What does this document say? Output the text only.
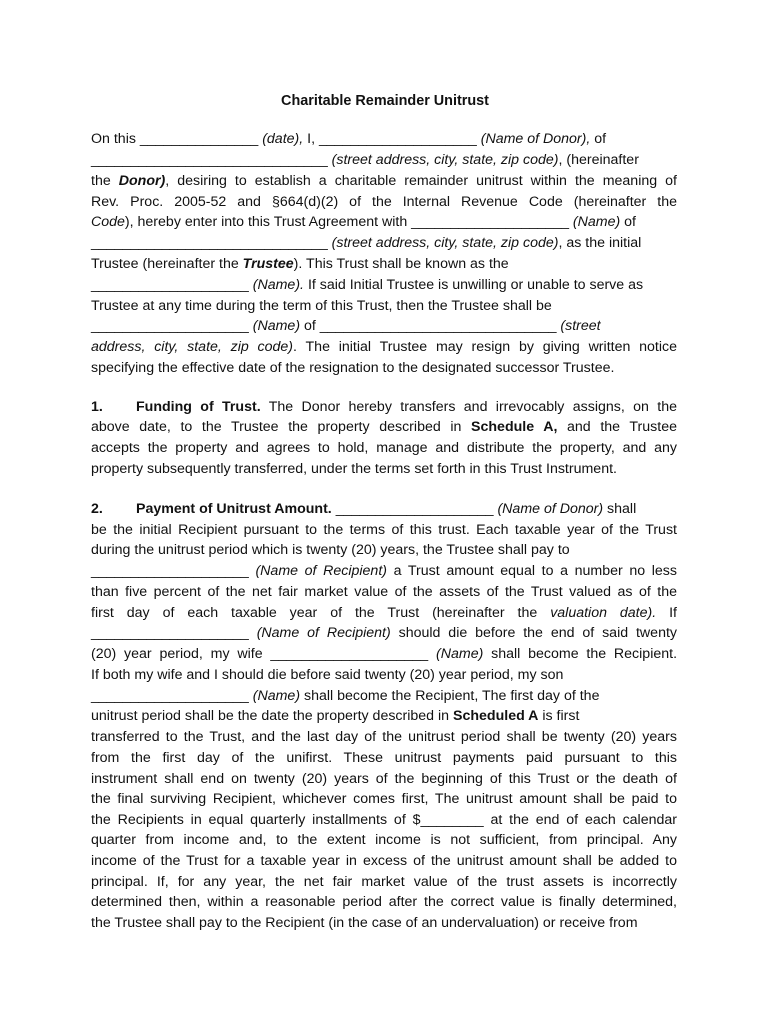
Charitable Remainder Unitrust
On this _______________ (date), I, ____________________ (Name of Donor), of
______________________________ (street address, city, state, zip code), (hereinafter
the Donor), desiring to establish a charitable remainder unitrust within the meaning of
Rev. Proc. 2005-52 and §664(d)(2) of the Internal Revenue Code (hereinafter the
Code), hereby enter into this Trust Agreement with ____________________ (Name) of
______________________________ (street address, city, state, zip code), as the initial
Trustee (hereinafter the Trustee). This Trust shall be known as the
____________________ (Name). If said Initial Trustee is unwilling or unable to serve as
Trustee at any time during the term of this Trust, then the Trustee shall be
____________________ (Name) of ______________________________ (street
address, city, state, zip code). The initial Trustee may resign by giving written notice
specifying the effective date of the resignation to the designated successor Trustee.
1. Funding of Trust. The Donor hereby transfers and irrevocably assigns, on the
above date, to the Trustee the property described in Schedule A, and the Trustee
accepts the property and agrees to hold, manage and distribute the property, and any
property subsequently transferred, under the terms set forth in this Trust Instrument.
2. Payment of Unitrust Amount. ____________________ (Name of Donor) shall
be the initial Recipient pursuant to the terms of this trust. Each taxable year of the Trust
during the unitrust period which is twenty (20) years, the Trustee shall pay to
____________________ (Name of Recipient) a Trust amount equal to a number no less
than five percent of the net fair market value of the assets of the Trust valued as of the
first day of each taxable year of the Trust (hereinafter the valuation date). If
____________________ (Name of Recipient) should die before the end of said twenty
(20) year period, my wife ____________________ (Name) shall become the Recipient.
If both my wife and I should die before said twenty (20) year period, my son
____________________ (Name) shall become the Recipient, The first day of the
unitrust period shall be the date the property described in Scheduled A is first
transferred to the Trust, and the last day of the unitrust period shall be twenty (20) years
from the first day of the unifirst. These unitrust payments paid pursuant to this
instrument shall end on twenty (20) years of the beginning of this Trust or the death of
the final surviving Recipient, whichever comes first, The unitrust amount shall be paid to
the Recipients in equal quarterly installments of $________ at the end of each calendar
quarter from income and, to the extent income is not sufficient, from principal. Any
income of the Trust for a taxable year in excess of the unitrust amount shall be added to
principal. If, for any year, the net fair market value of the trust assets is incorrectly
determined then, within a reasonable period after the correct value is finally determined,
the Trustee shall pay to the Recipient (in the case of an undervaluation) or receive from
